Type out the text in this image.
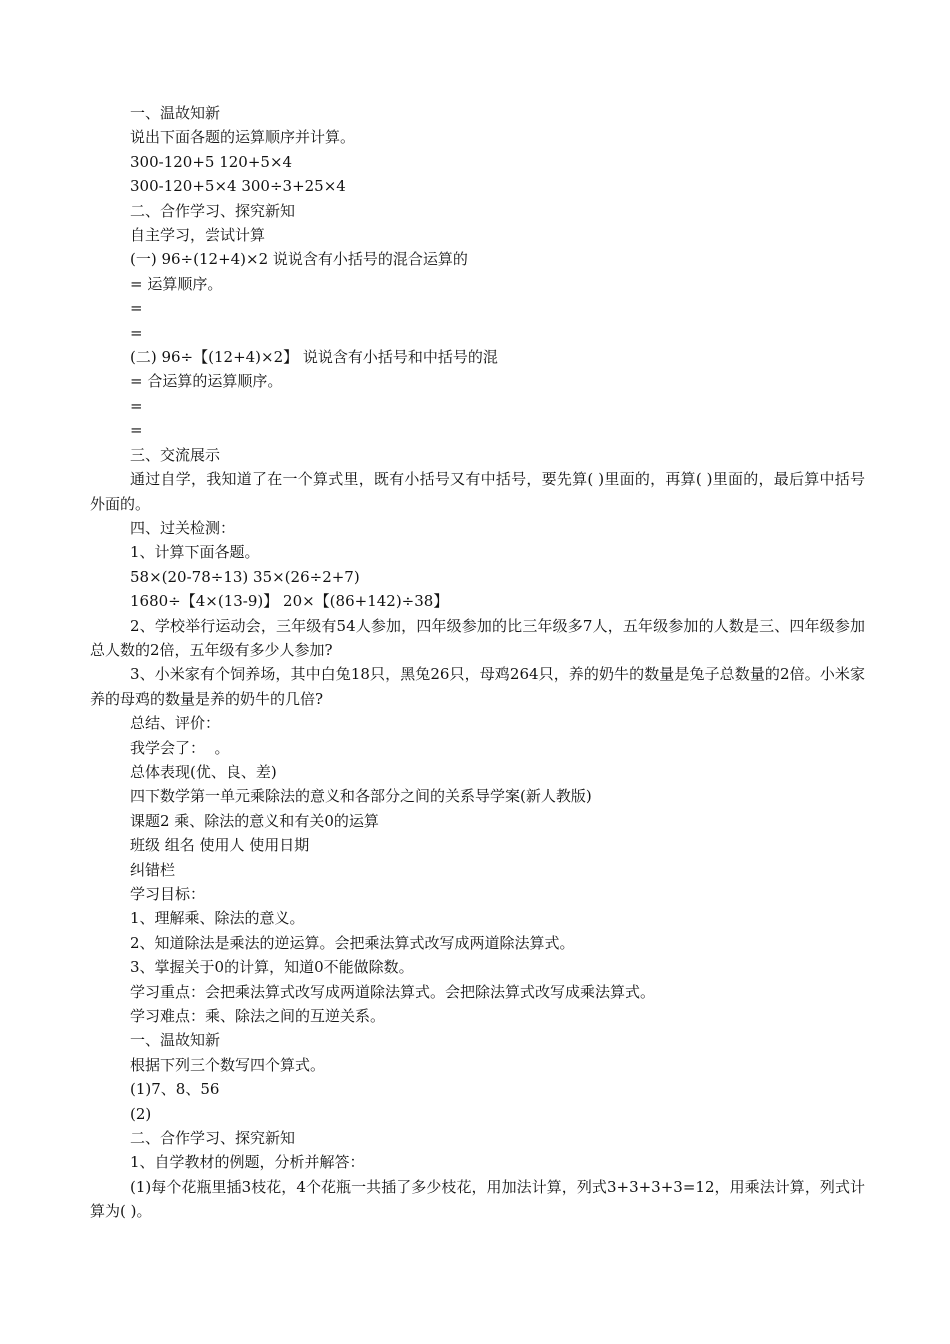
一、温故知新
说出下面各题的运算顺序并计算。
300-120+5 120+5×4
300-120+5×4 300÷3+25×4
二、合作学习、探究新知
自主学习，尝试计算
(一) 96÷(12+4)×2 说说含有小括号的混合运算的
= 运算顺序。
=
=
(二) 96÷【(12+4)×2】 说说含有小括号和中括号的混
= 合运算的运算顺序。
=
=
三、交流展示
通过自学，我知道了在一个算式里，既有小括号又有中括号，要先算( )里面的，再算( )里面的，最后算中括号外面的。
四、过关检测：
1、计算下面各题。
58×(20-78÷13) 35×(26÷2+7)
1680÷【4×(13-9)】 20×【(86+142)÷38】
2、学校举行运动会，三年级有54人参加，四年级参加的比三年级多7人，五年级参加的人数是三、四年级参加总人数的2倍，五年级有多少人参加?
3、小米家有个饲养场，其中白兔18只，黑兔26只，母鸡264只，养的奶牛的数量是兔子总数量的2倍。小米家养的母鸡的数量是养的奶牛的几倍?
总结、评价：
我学会了：  。
总体表现(优、良、差)
四下数学第一单元乘除法的意义和各部分之间的关系导学案(新人教版)
课题2 乘、除法的意义和有关0的运算
班级 组名 使用人 使用日期
纠错栏
学习目标：
1、理解乘、除法的意义。
2、知道除法是乘法的逆运算。会把乘法算式改写成两道除法算式。
3、掌握关于0的计算，知道0不能做除数。
学习重点：会把乘法算式改写成两道除法算式。会把除法算式改写成乘法算式。
学习难点：乘、除法之间的互逆关系。
一、温故知新
根据下列三个数写四个算式。
(1)7、8、56
(2)
二、合作学习、探究新知
1、自学教材的例题，分析并解答：
(1)每个花瓶里插3枝花，4个花瓶一共插了多少枝花，用加法计算，列式3+3+3+3=12，用乘法计算，列式计算为( )。
